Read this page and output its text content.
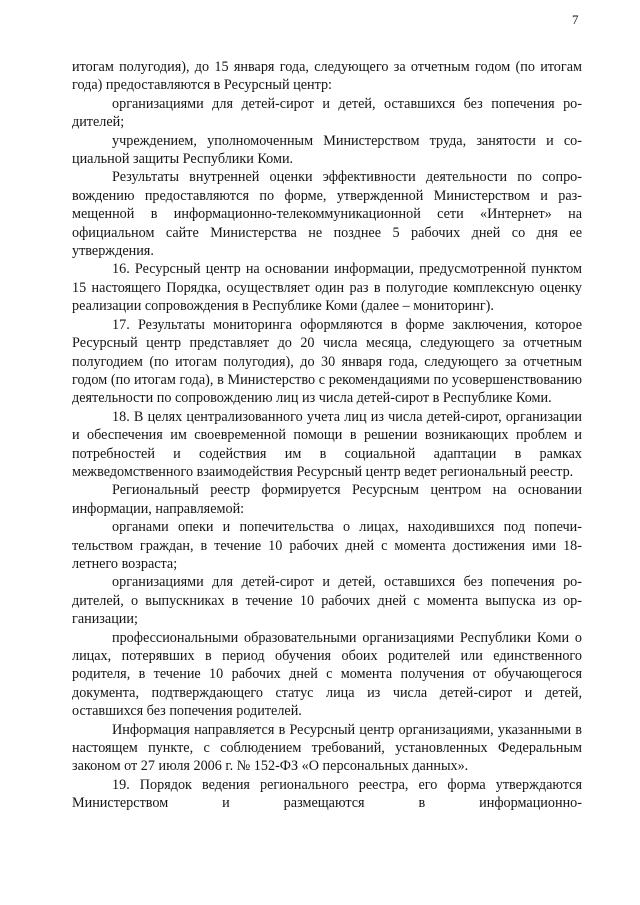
7

итогам полугодия), до 15 января года, следующего за отчетным годом (по итогам года) предоставляются в Ресурсный центр:

организациями для детей-сирот и детей, оставшихся без попечения родителей;

учреждением, уполномоченным Министерством труда, занятости и социальной защиты Республики Коми.

Результаты внутренней оценки эффективности деятельности по сопровождению предоставляются по форме, утвержденной Министерством и размещенной в информационно-телекоммуникационной сети «Интернет» на официальном сайте Министерства не позднее 5 рабочих дней со дня ее утверждения.

16. Ресурсный центр на основании информации, предусмотренной пунктом 15 настоящего Порядка, осуществляет один раз в полугодие комплексную оценку реализации сопровождения в Республике Коми (далее – мониторинг).

17. Результаты мониторинга оформляются в форме заключения, которое Ресурсный центр представляет до 20 числа месяца, следующего за отчетным полугодием (по итогам полугодия), до 30 января года, следующего за отчетным годом (по итогам года), в Министерство с рекомендациями по усовершенствованию деятельности по сопровождению лиц из числа детей-сирот в Республике Коми.

18. В целях централизованного учета лиц из числа детей-сирот, организации и обеспечения им своевременной помощи в решении возникающих проблем и потребностей и содействия им в социальной адаптации в рамках межведомственного взаимодействия Ресурсный центр ведет региональный реестр.

Региональный реестр формируется Ресурсным центром на основании информации, направляемой:

органами опеки и попечительства о лицах, находившихся под попечительством граждан, в течение 10 рабочих дней с момента достижения ими 18-летнего возраста;

организациями для детей-сирот и детей, оставшихся без попечения родителей, о выпускниках в течение 10 рабочих дней с момента выпуска из организации;

профессиональными образовательными организациями Республики Коми о лицах, потерявших в период обучения обоих родителей или единственного родителя, в течение 10 рабочих дней с момента получения от обучающегося документа, подтверждающего статус лица из числа детей-сирот и детей, оставшихся без попечения родителей.

Информация направляется в Ресурсный центр организациями, указанными в настоящем пункте, с соблюдением требований, установленных Федеральным законом от 27 июля 2006 г. № 152-ФЗ «О персональных данных».

19. Порядок ведения регионального реестра, его форма утверждаются Министерством и размещаются в информационно-
